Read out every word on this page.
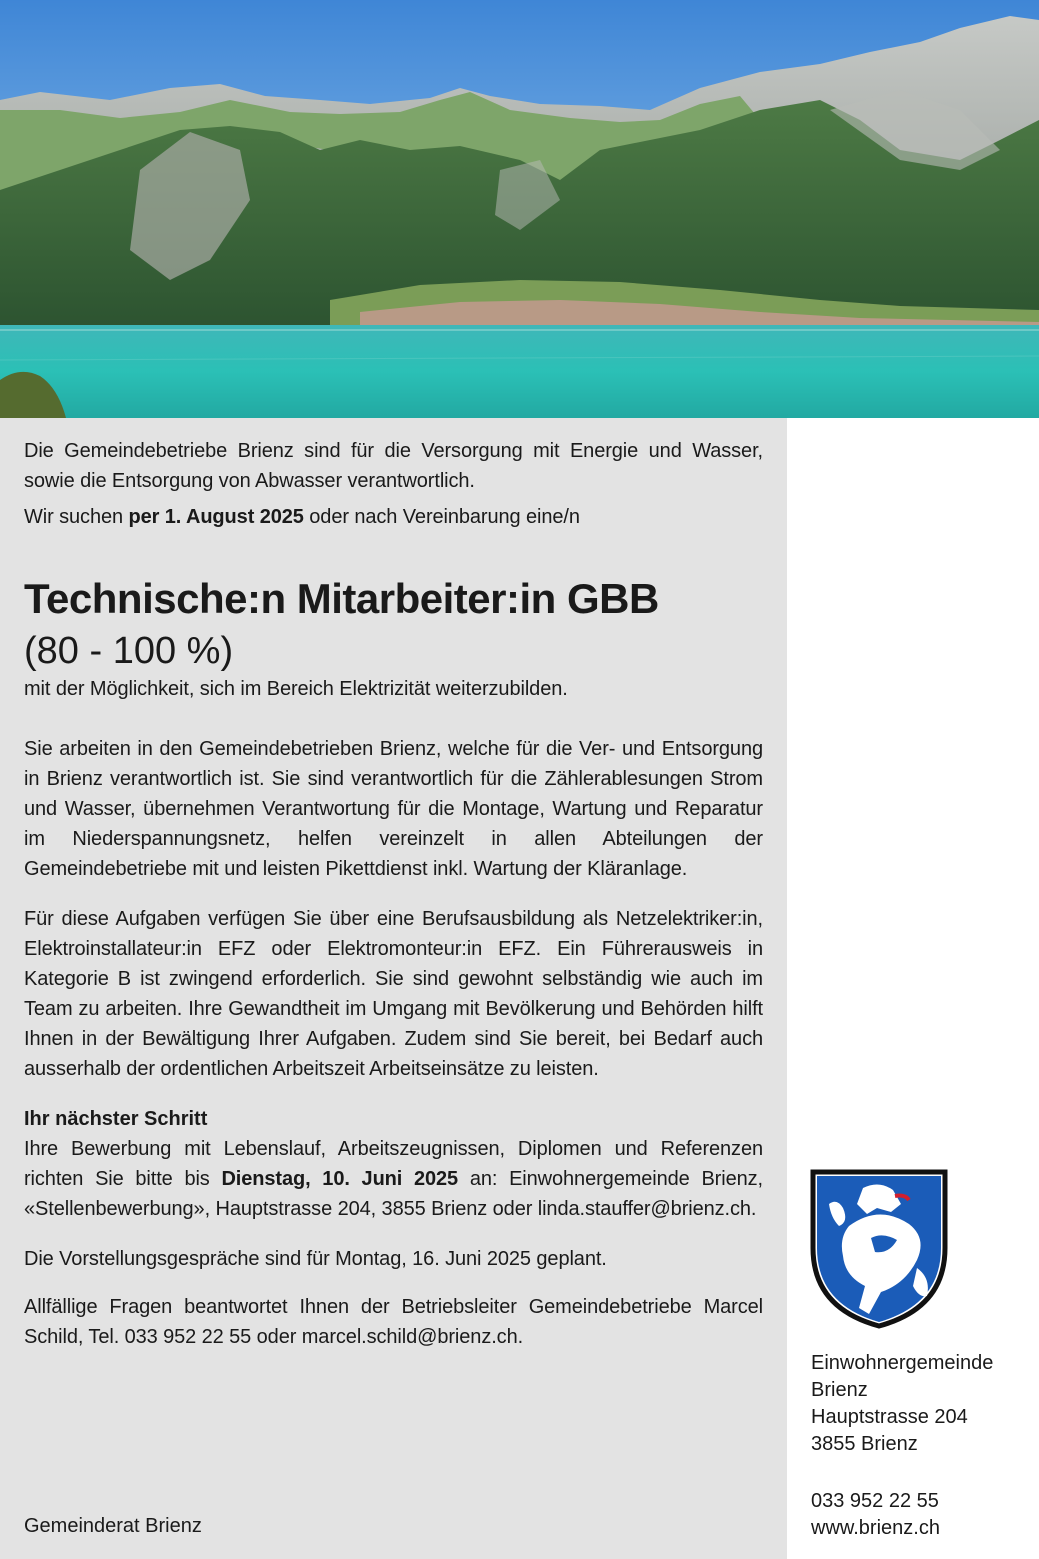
Die Gemeindebetriebe Brienz sind für die Versorgung mit Energie und Wasser, sowie die Entsorgung von Abwasser verantwortlich.

Wir suchen per 1. August 2025 oder nach Vereinbarung eine/n

Technische:n Mitarbeiter:in GBB

(80 - 100 %)

mit der Möglichkeit, sich im Bereich Elektrizität weiterzubilden.

Sie arbeiten in den Gemeindebetrieben Brienz, welche für die Ver- und Entsorgung in Brienz verantwortlich ist. Sie sind verantwortlich für die Zählerablesungen Strom und Wasser, übernehmen Verantwortung für die Montage, Wartung und Reparatur im Niederspannungsnetz, helfen vereinzelt in allen Abteilungen der Gemeindebetriebe mit und leisten Pikettdienst inkl. Wartung der Kläranlage.

Für diese Aufgaben verfügen Sie über eine Berufsausbildung als Netzelektriker:in, Elektroinstallateur:in EFZ oder Elektromonteur:in EFZ. Ein Führerausweis in Kategorie B ist zwingend erforderlich. Sie sind gewohnt selbständig wie auch im Team zu arbeiten. Ihre Gewandtheit im Umgang mit Bevölkerung und Behörden hilft Ihnen in der Bewältigung Ihrer Aufgaben. Zudem sind Sie bereit, bei Bedarf auch ausserhalb der ordentlichen Arbeitszeit Arbeitseinsätze zu leisten.

Ihr nächster Schritt

Ihre Bewerbung mit Lebenslauf, Arbeitszeugnissen, Diplomen und Referenzen richten Sie bitte bis Dienstag, 10. Juni 2025 an: Einwohnergemeinde Brienz, «Stellenbewerbung», Hauptstrasse 204, 3855 Brienz oder linda.stauffer@brienz.ch.

Die Vorstellungsgespräche sind für Montag, 16. Juni 2025 geplant.

Allfällige Fragen beantwortet Ihnen der Betriebsleiter Gemeindebetriebe Marcel Schild, Tel. 033 952 22 55 oder marcel.schild@brienz.ch.

Gemeinderat Brienz

EinwohnergemeindeBrienzHauptstrasse 2043855 Brienz
033 952 22 55www.brienz.ch
